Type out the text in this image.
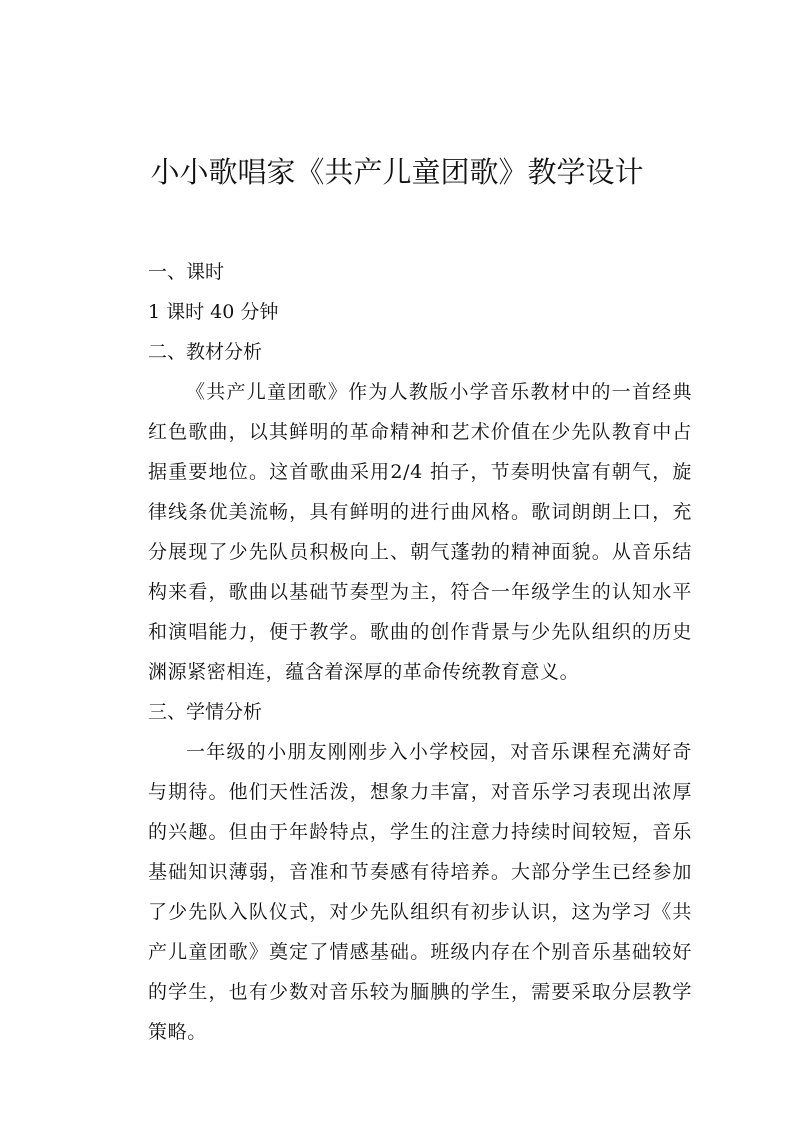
小小歌唱家《共产儿童团歌》教学设计
一、课时
1 课时 40 分钟
二、教材分析

《共产儿童团歌》作为人教版小学音乐教材中的一首经典红色歌曲，以其鲜明的革命精神和艺术价值在少先队教育中占据重要地位。这首歌曲采用2/4 拍子，节奏明快富有朝气，旋律线条优美流畅，具有鲜明的进行曲风格。歌词朗朗上口，充分展现了少先队员积极向上、朝气蓬勃的精神面貌。从音乐结构来看，歌曲以基础节奏型为主，符合一年级学生的认知水平和演唱能力，便于教学。歌曲的创作背景与少先队组织的历史渊源紧密相连，蕴含着深厚的革命传统教育意义。

三、学情分析

一年级的小朋友刚刚步入小学校园，对音乐课程充满好奇与期待。他们天性活泼，想象力丰富，对音乐学习表现出浓厚的兴趣。但由于年龄特点，学生的注意力持续时间较短，音乐基础知识薄弱，音准和节奏感有待培养。大部分学生已经参加了少先队入队仪式，对少先队组织有初步认识，这为学习《共产儿童团歌》奠定了情感基础。班级内存在个别音乐基础较好的学生，也有少数对音乐较为腼腆的学生，需要采取分层教学策略。
